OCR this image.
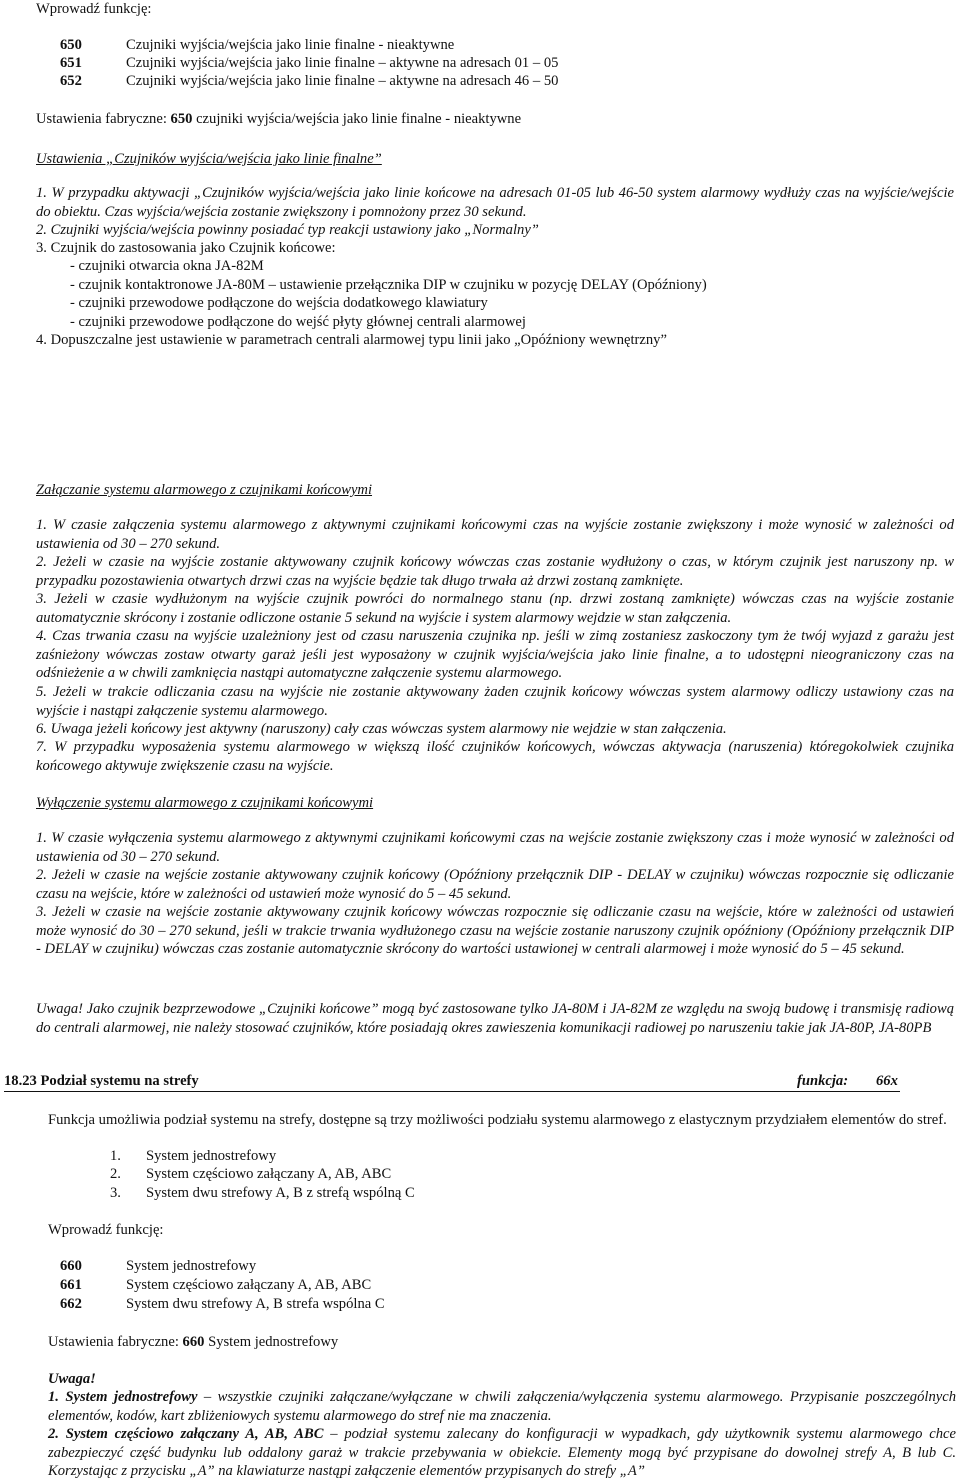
Wprowadź funkcję:
650	Czujniki wyjścia/wejścia jako linie finalne - nieaktywne
651	Czujniki wyjścia/wejścia jako linie finalne – aktywne na adresach 01 – 05
652	Czujniki wyjścia/wejścia jako linie finalne – aktywne na adresach 46 – 50
Ustawienia fabryczne: 650 czujniki wyjścia/wejścia jako linie finalne - nieaktywne
Ustawienia „Czujników wyjścia/wejścia jako linie finalne”
1. W przypadku aktywacji „Czujników wyjścia/wejścia jako linie końcowe na adresach 01-05 lub 46-50 system alarmowy wydłuży czas na wyjście/wejście do obiektu. Czas wyjścia/wejścia zostanie zwiększony i pomnożony przez 30 sekund.
2. Czujniki wyjścia/wejścia powinny posiadać typ reakcji ustawiony jako „Normalny”
3. Czujnik do zastosowania jako Czujnik końcowe:
- czujniki otwarcia okna JA-82M
- czujnik kontaktronowe JA-80M – ustawienie przełącznika DIP w czujniku w pozycję DELAY (Opóźniony)
- czujniki przewodowe podłączone do wejścia dodatkowego klawiatury
- czujniki przewodowe podłączone do wejść płyty głównej centrali alarmowej
4. Dopuszczalne jest ustawienie w parametrach centrali alarmowej typu linii jako „Opóźniony wewnętrzny”
Załączanie systemu alarmowego z czujnikami końcowymi
1. W czasie załączenia systemu alarmowego z aktywnymi czujnikami końcowymi czas na wyjście zostanie zwiększony i może wynosić w zależności od ustawienia od 30 – 270 sekund.
2. Jeżeli w czasie na wyjście zostanie aktywowany czujnik końcowy wówczas czas zostanie wydłużony o czas, w którym czujnik jest naruszony np. w przypadku pozostawienia otwartych drzwi czas na wyjście będzie tak długo trwała aż drzwi zostaną zamknięte.
3. Jeżeli w czasie wydłużonym na wyjście czujnik powróci do normalnego stanu (np. drzwi zostaną zamknięte) wówczas czas na wyjście zostanie automatycznie skrócony i zostanie odliczone ostanie 5 sekund na wyjście i system alarmowy wejdzie w stan załączenia.
4. Czas trwania czasu na wyjście uzależniony jest od czasu naruszenia czujnika np. jeśli w zimą zostaniesz zaskoczony tym że twój wyjazd z garażu jest zaśnieżony wówczas zostaw otwarty garaż jeśli jest wyposażony w czujnik wyjścia/wejścia jako linie finalne, a to udostępni nieograniczony czas na odśnieżenie a w chwili zamknięcia nastąpi automatyczne załączenie systemu alarmowego.
5. Jeżeli w trakcie odliczania czasu na wyjście nie zostanie aktywowany żaden czujnik końcowy wówczas system alarmowy odliczy ustawiony czas na wyjście i nastąpi załączenie systemu alarmowego.
6. Uwaga jeżeli końcowy jest aktywny (naruszony) cały czas wówczas system alarmowy nie wejdzie w stan załączenia.
7. W przypadku wyposażenia systemu alarmowego w większą ilość czujników końcowych, wówczas aktywacja (naruszenia) któregokolwiek czujnika końcowego aktywuje zwiększenie czasu na wyjście.
Wyłączenie systemu alarmowego z czujnikami końcowymi
1. W czasie wyłączenia systemu alarmowego z aktywnymi czujnikami końcowymi czas na wejście zostanie zwiększony czas i może wynosić w zależności od ustawienia od 30 – 270 sekund.
2. Jeżeli w czasie na wejście zostanie aktywowany czujnik końcowy (Opóźniony przełącznik DIP - DELAY w czujniku) wówczas rozpocznie się odliczanie czasu na wejście, które w zależności od ustawień może wynosić do 5 – 45 sekund.
3. Jeżeli w czasie na wejście zostanie aktywowany czujnik końcowy wówczas rozpocznie się odliczanie czasu na wejście, które w zależności od ustawień może wynosić do 30 – 270 sekund, jeśli w trakcie trwania wydłużonego czasu na wejście zostanie naruszony czujnik opóźniony (Opóźniony przełącznik DIP - DELAY w czujniku) wówczas czas zostanie automatycznie skrócony do wartości ustawionej w centrali alarmowej i może wynosić do 5 – 45 sekund.
Uwaga! Jako czujnik bezprzewodowe „Czujniki końcowe” mogą być zastosowane tylko JA-80M i JA-82M ze względu na swoją budowę i transmisję radiową do centrali alarmowej, nie należy stosować czujników, które posiadają okres zawieszenia komunikacji radiowej po naruszeniu takie jak JA-80P, JA-80PB
18.23 Podział systemu na strefy	funkcja: 66x
Funkcja umożliwia podział systemu na strefy, dostępne są trzy możliwości podziału systemu alarmowego z elastycznym przydziałem elementów do stref.
1. System jednostrefowy
2. System częściowo załączany A, AB, ABC
3. System dwu strefowy A, B z strefą wspólną C
Wprowadź funkcję:
660	System jednostrefowy
661	System częściowo załączany A, AB, ABC
662	System dwu strefowy A, B strefa wspólna C
Ustawienia fabryczne: 660 System jednostrefowy
Uwaga!
1. System jednostrefowy – wszystkie czujniki załączane/wyłączane w chwili załączenia/wyłączenia systemu alarmowego. Przypisanie poszczególnych elementów, kodów, kart zbliżeniowych systemu alarmowego do stref nie ma znaczenia.
2. System częściowo załączany A, AB, ABC – podział systemu zalecany do konfiguracji w wypadkach, gdy użytkownik systemu alarmowego chce zabezpieczyć część budynku lub oddalony garaż w trakcie przebywania w obiekcie. Elementy mogą być przypisane do dowolnej strefy A, B lub C. Korzystając z przycisku „A” na klawiaturze nastąpi załączenie elementów przypisanych do strefy „A”
